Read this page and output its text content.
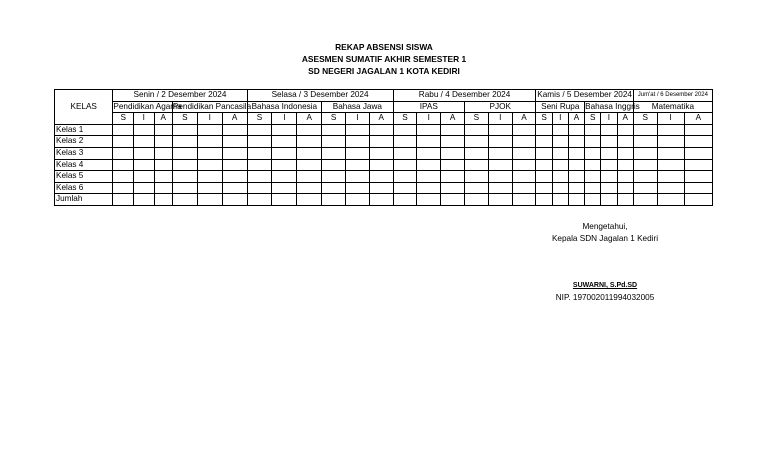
REKAP ABSENSI SISWA
ASESMEN SUMATIF AKHIR SEMESTER 1
SD NEGERI JAGALAN 1 KOTA KEDIRI
KELAS	Senin / 2 Desember 2024						Selasa / 3 Desember 2024						Rabu / 4 Desember 2024						Kamis / 5 Desember 2024						Jum'at / 6 Desember 2024		
	Pendidikan Agama			Pendidikan Pancasila			Bahasa Indonesia			Bahasa Jawa			IPAS			PJOK			Seni Rupa			Bahasa Inggris			Matematika		
	S	I	A	S	I	A	S	I	A	S	I	A	S	I	A	S	I	A	S	I	A	S	I	A	S	I	A
Kelas 1																											
Kelas 2																											
Kelas 3																											
Kelas 4																											
Kelas 5																											
Kelas 6																											
Jumlah																											
Mengetahui,
Kepala SDN Jagalan 1 Kediri
SUWARNI, S.Pd.SD
NIP. 197002011994032005
